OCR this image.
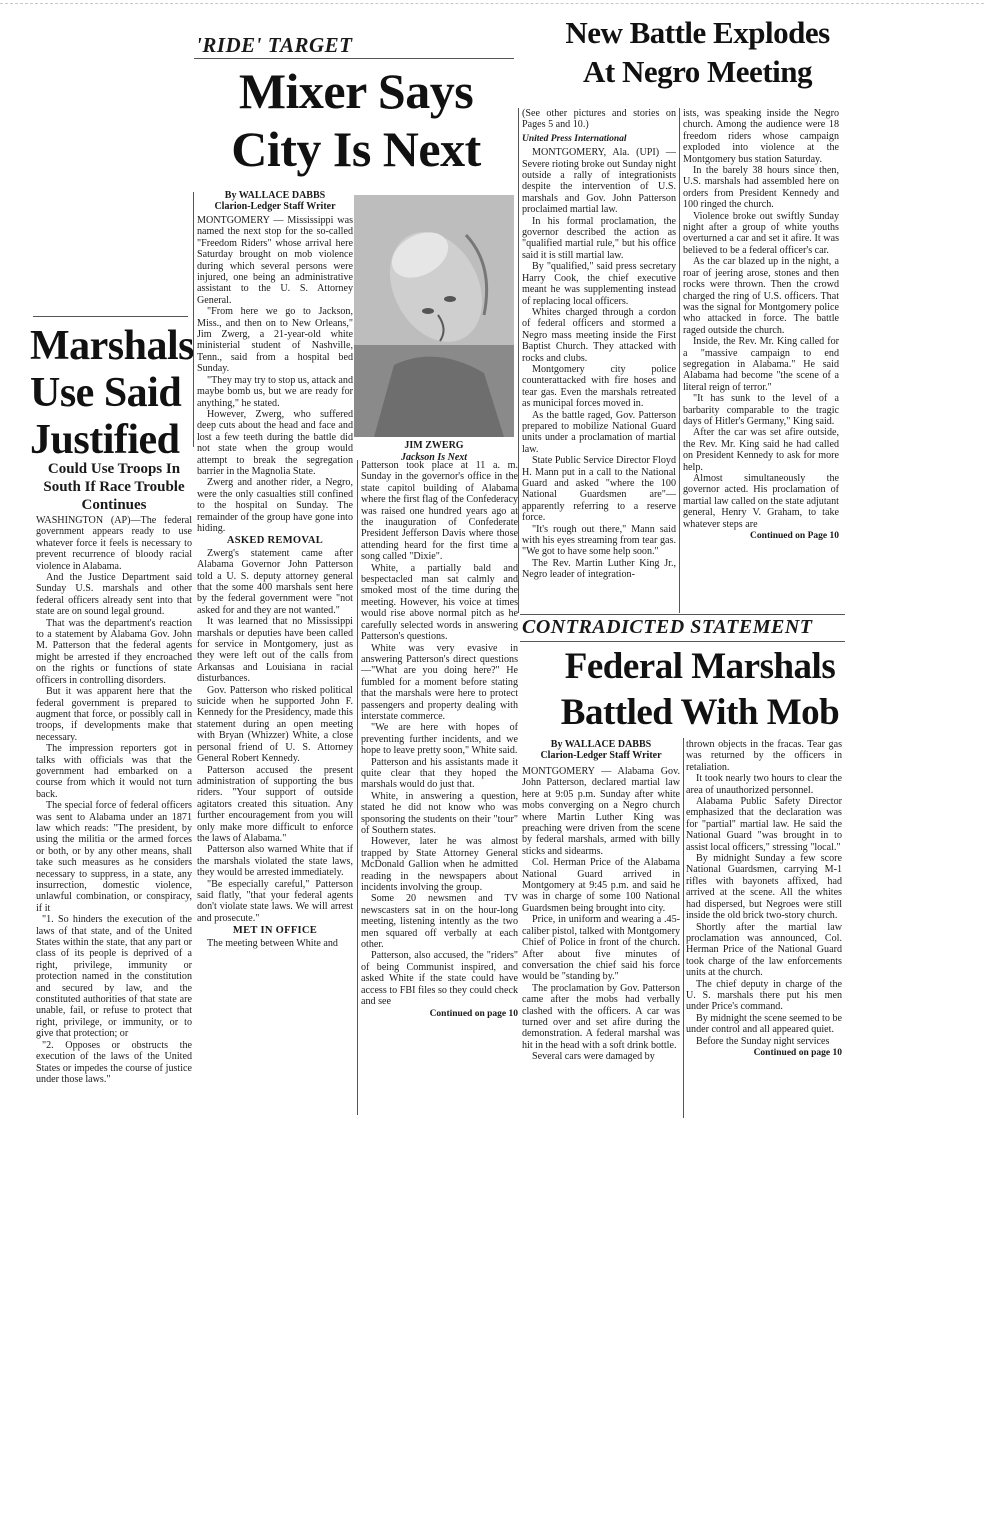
'RIDE' TARGET
Mixer Says
City Is Next
Marshals
Use Said
Justified
Could Use Troops In South If Race Trouble Continues

WASHINGTON (AP)—The federal government appears ready to use whatever force it feels is necessary to prevent recurrence of bloody racial violence in Alabama.

And the Justice Department said Sunday U.S. marshals and other federal officers already sent into that state are on sound legal ground.

That was the department's reaction to a statement by Alabama Gov. John M. Patterson that the federal agents might be arrested if they encroached on the rights or functions of state officers in controlling disorders.

But it was apparent here that the federal government is prepared to augment that force, or possibly call in troops, if developments make that necessary.

The impression reporters got in talks with officials was that the government had embarked on a course from which it would not turn back.

The special force of federal officers was sent to Alabama under an 1871 law which reads: "The president, by using the militia or the armed forces or both, or by any other means, shall take such measures as he considers necessary to suppress, in a state, any insurrection, domestic violence, unlawful combination, or conspiracy, if it

"1. So hinders the execution of the laws of that state, and of the United States within the state, that any part or class of its people is deprived of a right, privilege, immunity or protection named in the constitution and secured by law, and the constituted authorities of that state are unable, fail, or refuse to protect that right, privilege, or immunity, or to give that protection; or

"2. Opposes or obstructs the execution of the laws of the United States or impedes the course of justice under those laws."

By WALLACE DABBS
Clarion-Ledger Staff Writer

MONTGOMERY — Mississippi was named the next stop for the so-called "Freedom Riders" whose arrival here Saturday brought on mob violence during which several persons were injured, one being an administrative assistant to the U. S. Attorney General.

"From here we go to Jackson, Miss., and then on to New Orleans," Jim Zwerg, a 21-year-old white ministerial student of Nashville, Tenn., said from a hospital bed Sunday.

"They may try to stop us, attack and maybe bomb us, but we are ready for anything," he stated.

However, Zwerg, who suffered deep cuts about the head and face and lost a few teeth during the battle did not state when the group would attempt to break the segregation barrier in the Magnolia State.

Zwerg and another rider, a Negro, were the only casualties still confined to the hospital on Sunday. The remainder of the group have gone into hiding.

ASKED REMOVAL

Zwerg's statement came after Alabama Governor John Patterson told a U. S. deputy attorney general that the some 400 marshals sent here by the federal government were "not asked for and they are not wanted."

It was learned that no Mississippi marshals or deputies have been called for service in Montgomery, just as they were left out of the calls from Arkansas and Louisiana in racial disturbances.

Gov. Patterson who risked political suicide when he supported John F. Kennedy for the Presidency, made this statement during an open meeting with Bryan (Whizzer) White, a close personal friend of U. S. Attorney General Robert Kennedy.

Patterson accused the present administration of supporting the bus riders. "Your support of outside agitators created this situation. Any further encouragement from you will only make more difficult to enforce the laws of Alabama."

Patterson also warned White that if the marshals violated the state laws, they would be arrested immediately.

"Be especially careful," Patterson said flatly, "that your federal agents don't violate state laws. We will arrest and prosecute."

MET IN OFFICE

The meeting between White and

JIM ZWERG
Jackson Is Next

Patterson took place at 11 a. m. Sunday in the governor's office in the state capitol building of Alabama where the first flag of the Confederacy was raised one hundred years ago at the inauguration of Confederate President Jefferson Davis where those attending heard for the first time a song called "Dixie".

White, a partially bald and bespectacled man sat calmly and smoked most of the time during the meeting. However, his voice at times would rise above normal pitch as he carefully selected words in answering Patterson's questions.

White was very evasive in answering Patterson's direct questions—"What are you doing here?" He fumbled for a moment before stating that the marshals were here to protect passengers and property dealing with interstate commerce.

"We are here with hopes of preventing further incidents, and we hope to leave pretty soon," White said.

Patterson and his assistants made it quite clear that they hoped the marshals would do just that.

White, in answering a question, stated he did not know who was sponsoring the students on their "tour" of Southern states.

However, later he was almost trapped by State Attorney General McDonald Gallion when he admitted reading in the newspapers about incidents involving the group.

Some 20 newsmen and TV newscasters sat in on the hour-long meeting, listening intently as the two men squared off verbally at each other.

Patterson, also accused, the "riders" of being Communist inspired, and asked White if the state could have access to FBI files so they could check and see

Continued on page 10
New Battle Explodes
At Negro Meeting

(See other pictures and stories on Pages 5 and 10.)

United Press International

MONTGOMERY, Ala. (UPI) — Severe rioting broke out Sunday night outside a rally of integrationists despite the intervention of U.S. marshals and Gov. John Patterson proclaimed martial law.

In his formal proclamation, the governor described the action as "qualified martial rule," but his office said it is still martial law.

By "qualified," said press secretary Harry Cook, the chief executive meant he was supplementing instead of replacing local officers.

Whites charged through a cordon of federal officers and stormed a Negro mass meeting inside the First Baptist Church. They attacked with rocks and clubs.

Montgomery city police counterattacked with fire hoses and tear gas. Even the marshals retreated as municipal forces moved in.

As the battle raged, Gov. Patterson prepared to mobilize National Guard units under a proclamation of martial law.

State Public Service Director Floyd H. Mann put in a call to the National Guard and asked "where the 100 National Guardsmen are"—apparently referring to a reserve force.

"It's rough out there," Mann said with his eyes streaming from tear gas. "We got to have some help soon."

The Rev. Martin Luther King Jr., Negro leader of integration-

ists, was speaking inside the Negro church. Among the audience were 18 freedom riders whose campaign exploded into violence at the Montgomery bus station Saturday.

In the barely 38 hours since then, U.S. marshals had assembled here on orders from President Kennedy and 100 ringed the church.

Violence broke out swiftly Sunday night after a group of white youths overturned a car and set it afire. It was believed to be a federal officer's car.

As the car blazed up in the night, a roar of jeering arose, stones and then rocks were thrown. Then the crowd charged the ring of U.S. officers. That was the signal for Montgomery police who attacked in force. The battle raged outside the church.

Inside, the Rev. Mr. King called for a "massive campaign to end segregation in Alabama." He said Alabama had become "the scene of a literal reign of terror."

"It has sunk to the level of a barbarity comparable to the tragic days of Hitler's Germany," King said.

After the car was set afire outside, the Rev. Mr. King said he had called on President Kennedy to ask for more help.

Almost simultaneously the governor acted. His proclamation of martial law called on the state adjutant general, Henry V. Graham, to take whatever steps are

Continued on Page 10
CONTRADICTED STATEMENT
Federal Marshals
Battled With Mob
By WALLACE DABBS
Clarion-Ledger Staff Writer

MONTGOMERY — Alabama Gov. John Patterson, declared martial law here at 9:05 p.m. Sunday after white mobs converging on a Negro church where Martin Luther King was preaching were driven from the scene by federal marshals, armed with billy sticks and sidearms.

Col. Herman Price of the Alabama National Guard arrived in Montgomery at 9:45 p.m. and said he was in charge of some 100 National Guardsmen being brought into city.

Price, in uniform and wearing a .45-caliber pistol, talked with Montgomery Chief of Police in front of the church. After about five minutes of conversation the chief said his force would be "standing by."

The proclamation by Gov. Patterson came after the mobs had verbally clashed with the officers. A car was turned over and set afire during the demonstration. A federal marshal was hit in the head with a soft drink bottle.

Several cars were damaged by

thrown objects in the fracas. Tear gas was returned by the officers in retaliation.

It took nearly two hours to clear the area of unauthorized personnel.

Alabama Public Safety Director emphasized that the declaration was for "partial" martial law. He said the National Guard "was brought in to assist local officers," stressing "local."

By midnight Sunday a few score National Guardsmen, carrying M-1 rifles with bayonets affixed, had arrived at the scene. All the whites had dispersed, but Negroes were still inside the old brick two-story church.

Shortly after the martial law proclamation was announced, Col. Herman Price of the National Guard took charge of the law enforcements units at the church.

The chief deputy in charge of the U. S. marshals there put his men under Price's command.

By midnight the scene seemed to be under control and all appeared quiet.

Before the Sunday night services

Continued on page 10
